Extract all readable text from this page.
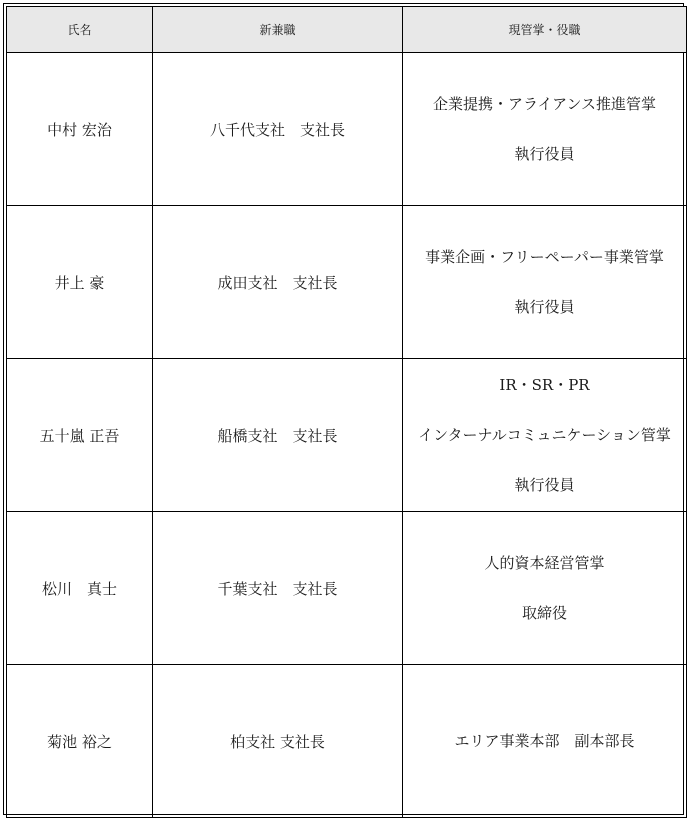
氏名	新兼職	現管掌・役職
中村 宏治	八千代支社　支社長	企業提携・アライアンス推進管掌
執行役員

井上 豪	成田支社　支社長	事業企画・フリーペーパー事業管掌
執行役員

五十嵐 正吾	船橋支社　支社長	IR・SR・PR
インターナルコミュニケーション管掌
執行役員

松川　真士	千葉支社　支社長	人的資本経営管掌
取締役

菊池 裕之	柏支社 支社長	エリア事業本部　副本部長
